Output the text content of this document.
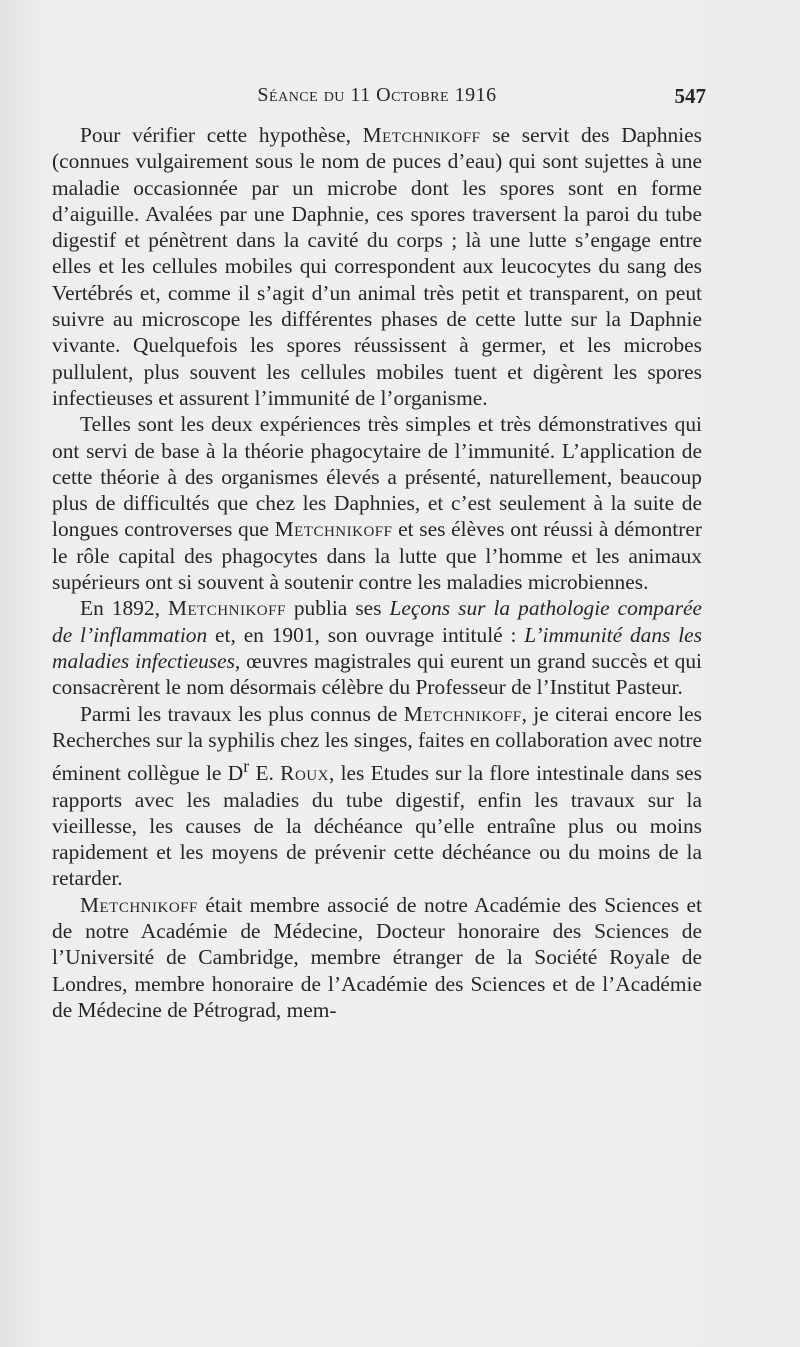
Séance du 11 Octobre 1916	547

Pour vérifier cette hypothèse, Metchnikoff se servit des Daphnies (connues vulgairement sous le nom de puces d’eau) qui sont sujettes à une maladie occasionnée par un microbe dont les spores sont en forme d’aiguille. Avalées par une Daphnie, ces spores traversent la paroi du tube digestif et pénètrent dans la cavité du corps ; là une lutte s’engage entre elles et les cellules mobiles qui correspondent aux leucocytes du sang des Vertébrés et, comme il s’agit d’un animal très petit et transparent, on peut suivre au microscope les différentes phases de cette lutte sur la Daphnie vivante. Quelquefois les spores réussissent à germer, et les microbes pullulent, plus souvent les cellules mobiles tuent et digèrent les spores infectieuses et assurent l’immunité de l’organisme.

Telles sont les deux expériences très simples et très démonstratives qui ont servi de base à la théorie phagocytaire de l’immunité. L’application de cette théorie à des organismes élevés a présenté, naturellement, beaucoup plus de difficultés que chez les Daphnies, et c’est seulement à la suite de longues controverses que Metchnikoff et ses élèves ont réussi à démontrer le rôle capital des phagocytes dans la lutte que l’homme et les animaux supérieurs ont si souvent à soutenir contre les maladies microbiennes.

En 1892, Metchnikoff publia ses Leçons sur la pathologie comparée de l’inflammation et, en 1901, son ouvrage intitulé : L’immunité dans les maladies infectieuses, œuvres magistrales qui eurent un grand succès et qui consacrèrent le nom désormais célèbre du Professeur de l’Institut Pasteur.

Parmi les travaux les plus connus de Metchnikoff, je citerai encore les Recherches sur la syphilis chez les singes, faites en collaboration avec notre éminent collègue le $D^r$ E. Roux, les Etudes sur la flore intestinale dans ses rapports avec les maladies du tube digestif, enfin les travaux sur la vieillesse, les causes de la déchéance qu’elle entraîne plus ou moins rapidement et les moyens de prévenir cette déchéance ou du moins de la retarder.

Metchnikoff était membre associé de notre Académie des Sciences et de notre Académie de Médecine, Docteur honoraire des Sciences de l’Université de Cambridge, membre étranger de la Société Royale de Londres, membre honoraire de l’Académie des Sciences et de l’Académie de Médecine de Pétrograd, mem-
